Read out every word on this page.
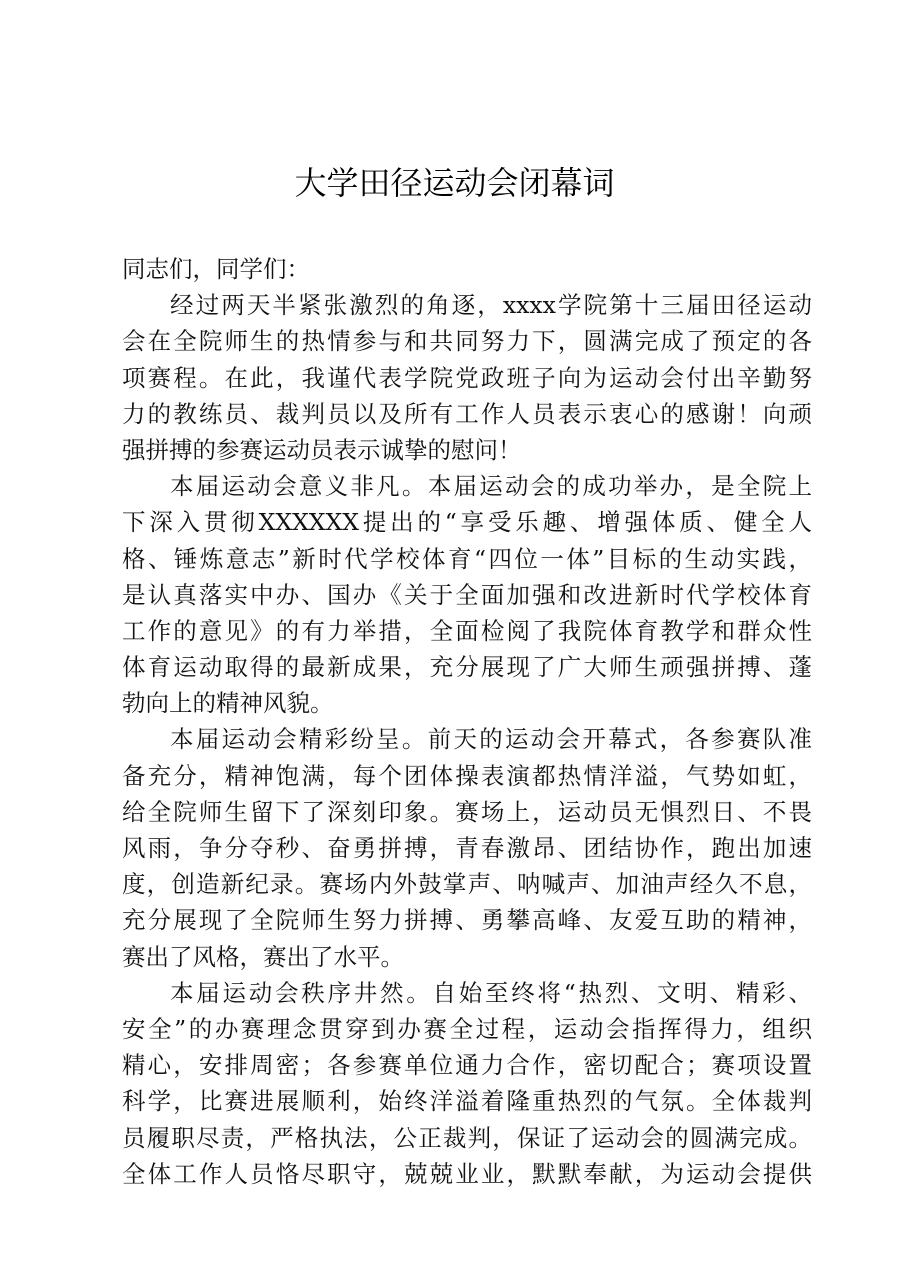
大学田径运动会闭幕词
同志们，同学们：
经过两天半紧张激烈的角逐，xxxx学院第十三届田径运动
会在全院师生的热情参与和共同努力下，圆满完成了预定的各
项赛程。在此，我谨代表学院党政班子向为运动会付出辛勤努
力的教练员、裁判员以及所有工作人员表示衷心的感谢！向顽
强拼搏的参赛运动员表示诚挚的慰问！
本届运动会意义非凡。本届运动会的成功举办，是全院上
下深入贯彻XXXXXX提出的“享受乐趣、增强体质、健全人
格、锤炼意志”新时代学校体育“四位一体”目标的生动实践，
是认真落实中办、国办《关于全面加强和改进新时代学校体育
工作的意见》的有力举措，全面检阅了我院体育教学和群众性
体育运动取得的最新成果，充分展现了广大师生顽强拼搏、蓬
勃向上的精神风貌。
本届运动会精彩纷呈。前天的运动会开幕式，各参赛队准
备充分，精神饱满，每个团体操表演都热情洋溢，气势如虹，
给全院师生留下了深刻印象。赛场上，运动员无惧烈日、不畏
风雨，争分夺秒、奋勇拼搏，青春激昂、团结协作，跑出加速
度，创造新纪录。赛场内外鼓掌声、呐喊声、加油声经久不息，
充分展现了全院师生努力拼搏、勇攀高峰、友爱互助的精神，
赛出了风格，赛出了水平。
本届运动会秩序井然。自始至终将“热烈、文明、精彩、
安全”的办赛理念贯穿到办赛全过程，运动会指挥得力，组织
精心，安排周密；各参赛单位通力合作，密切配合；赛项设置
科学，比赛进展顺利，始终洋溢着隆重热烈的气氛。全体裁判
员履职尽责，严格执法，公正裁判，保证了运动会的圆满完成。
全体工作人员恪尽职守，兢兢业业，默默奉献，为运动会提供
